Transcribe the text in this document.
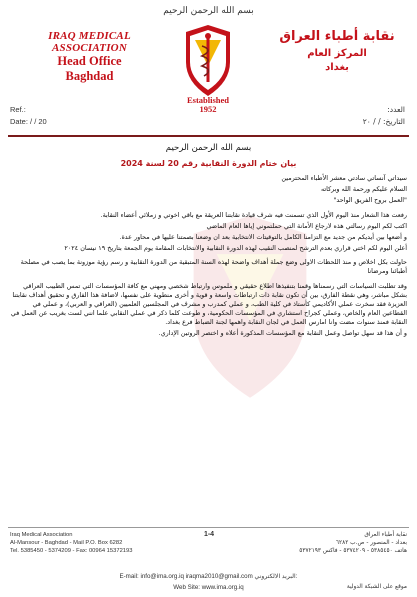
بسم الله الرحمن الرحيم
IRAQ MEDICAL ASSOCIATION
Head Office
Baghdad
Established
1952
نقابة أطباء العراق
المركز العام
بغداد
Ref.:
Date: / / 20
العدد:
التاريخ: / / ٢٠
بسم الله الرحمن الرحيم
بيان ختام الدورة النقابية رقم 20 لسنة 2024
سيداتي آنساتي سادتي معشر الأطباء المحترمين
السلام عليكم ورحمة الله وبركاته
"العمل بروح الفريق الواحد"
رفعت هذا الشعار منذ اليوم الأول الذي تسمنت فيه شرف قيادة نقابتنا العريقة مع باقي اخوتي و زملائي أعضاء النقابة.
اكتب لكم اليوم رسالتي هذه لارجاع الأمانة التي حملتموني إياها العام الماضي
و أضعها بين أيديكم من جديد مع التزامنا الكامل بالتوقيتات الانتخابية بعد ان وضعنا بصمتنا عليها في محاور عدة.
أعلن اليوم لكم اختي قراري بعدم الترشح لمنصب النقيب لهذه الدورة النقابية والانتخابات المقامة يوم الجمعة بتاريخ ١٩ نيسان ٢٠٢٤
حاولت بكل اخلاص و منذ اللحظات الاولى وضع جملة أهداف واضحة لهذه السنة المتبقية من الدورة النقابية و رسم رؤية موزونة بما يصب في مصلحة أطبائنا ومرضانا
وقد تطلبت السياسات التي رسمناها وقمنا بتنفيذها اطلاع حقيقي و ملموس وارتباط شخصي ومهني مع كافة المؤسسات التي تمس الطبيب العراقي بشكل مباشر، وهي نقطة الفارق، بين أن تكون نقابة ذات ارتباطات واسعة و قوية و أخرى منطوية على نفسها، لاضافة هذا الفارق و تحقيق أهداف نقابتنا العزيزة فقد سخرت عملي الأكاديمي كأستاذ في كلية الطب، و عملي كمدرب و مشرف في المجلسين العلميين (العراقي و العربي)، و عملي في القطاعين العام والخاص، وعملي كجراح استشاري في المؤسسات الحكومية، و طوعت كلما ذكر في عملي النقابي علما انني لست بغريب عن العمل في النقابة فمنذ سنوات مضت وانا امارس العمل في لجان النقابة واهمها لجنة الضباط فرع بغداد.
و أن هذا قد سهل تواصل وعمل النقابة مع المؤسسات المذكورة أعلاه و اختصر الروتين الإداري.
Iraq Medical Association
Al-Mansour - Baghdad - Mail P.O. Box 6282
Tel. 5385450 - 5374209 - Fax: 00964 15372193
1-4	نقابة أطباء العراق
بغداد - المنصور - ص.ب ٦٢٨٢
هاتف ٥٣٨٥٤٥٠ - ٥٣٧٤٢٠٩ - فاكس ٥٣٧٢١٩٣
E-mail: info@ima.org.iq iraqma2010@gmail.com البريد الالكتروني:
Web Site: www.ima.org.iq	موقع على الشبكة الدولية
